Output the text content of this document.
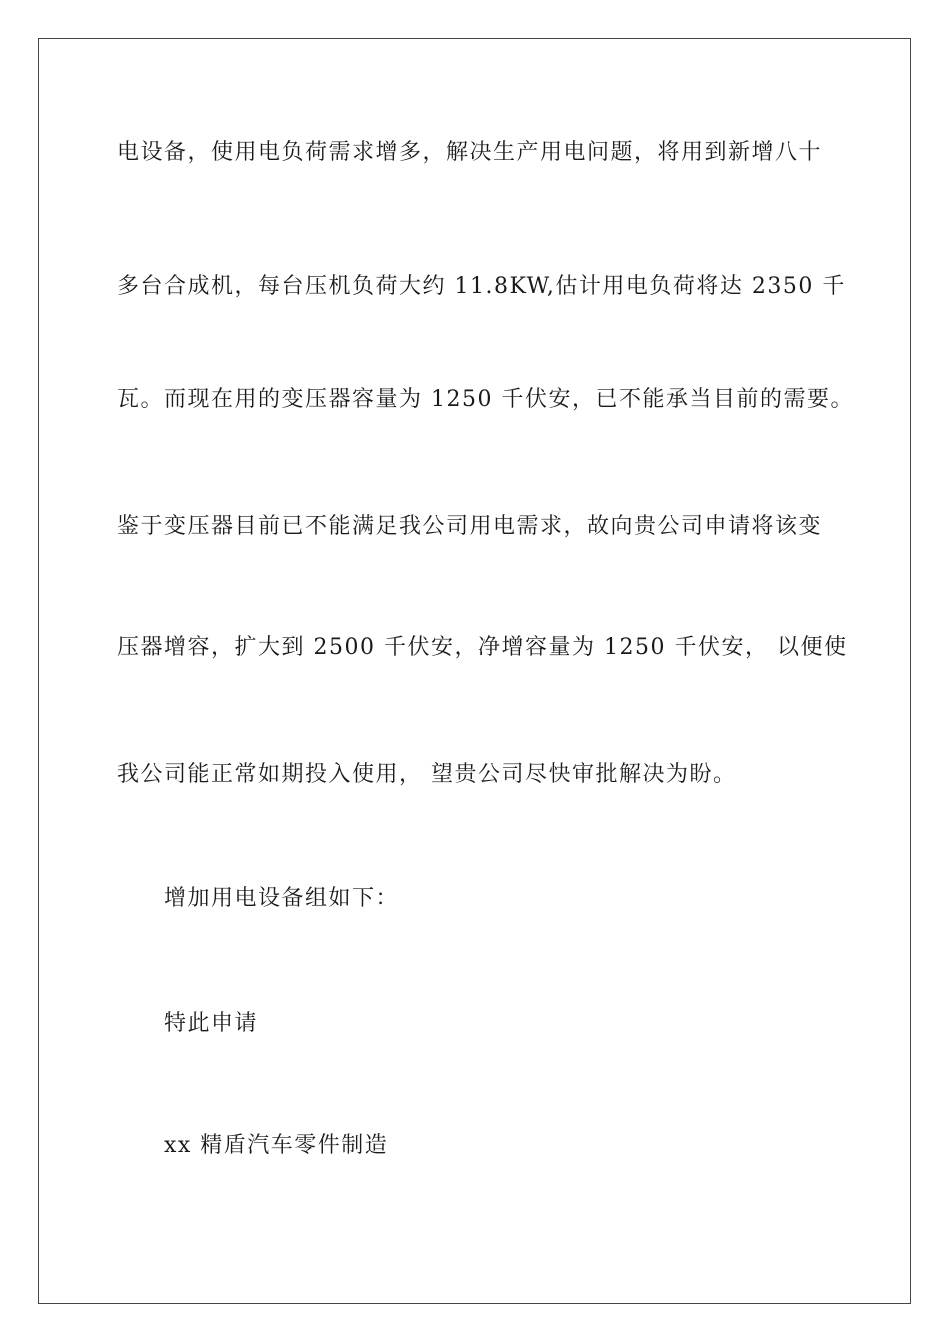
电设备，使用电负荷需求增多，解决生产用电问题，将用到新增八十
多台合成机，每台压机负荷大约 11.8KW,估计用电负荷将达 2350 千
瓦。而现在用的变压器容量为 1250 千伏安，已不能承当目前的需要。
鉴于变压器目前已不能满足我公司用电需求，故向贵公司申请将该变
压器增容，扩大到 2500 千伏安，净增容量为 1250 千伏安， 以便使
我公司能正常如期投入使用， 望贵公司尽快审批解决为盼。
增加用电设备组如下：
特此申请
xx 精盾汽车零件制造
